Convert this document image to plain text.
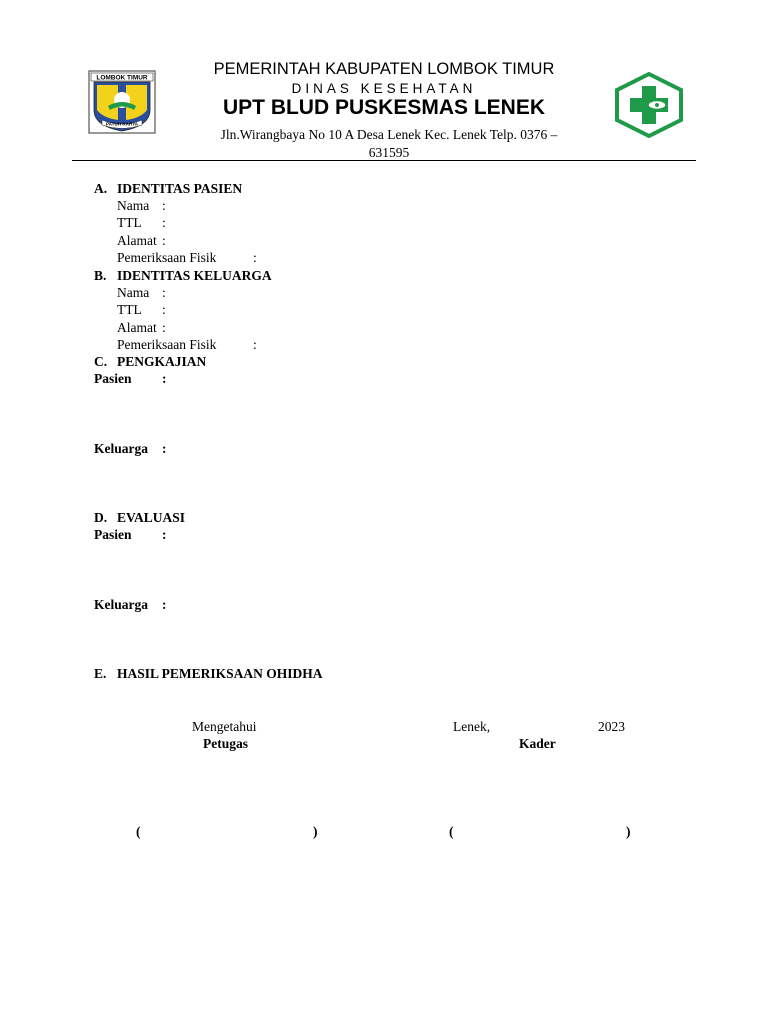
LOMBOK TIMUR
PATUH KARYA
PEMERINTAH KABUPATEN LOMBOK TIMUR
DINAS KESEHATAN
UPT BLUD PUSKESMAS LENEK
Jln.Wirangbaya No 10 A Desa Lenek Kec. Lenek Telp. 0376 –
631595
A. IDENTITAS PASIEN
Nama :
TTL :
Alamat :
Pemeriksaan Fisik	:
B. IDENTITAS KELUARGA
Nama :
TTL :
Alamat :
Pemeriksaan Fisik	:
C. PENGKAJIAN
Pasien :
Keluarga :
D. EVALUASI
Pasien :
Keluarga :
E. HASIL PEMERIKSAAN OHIDHA
Mengetahui	Lenek,	2023
Petugas	Kader
(	)	(	)
